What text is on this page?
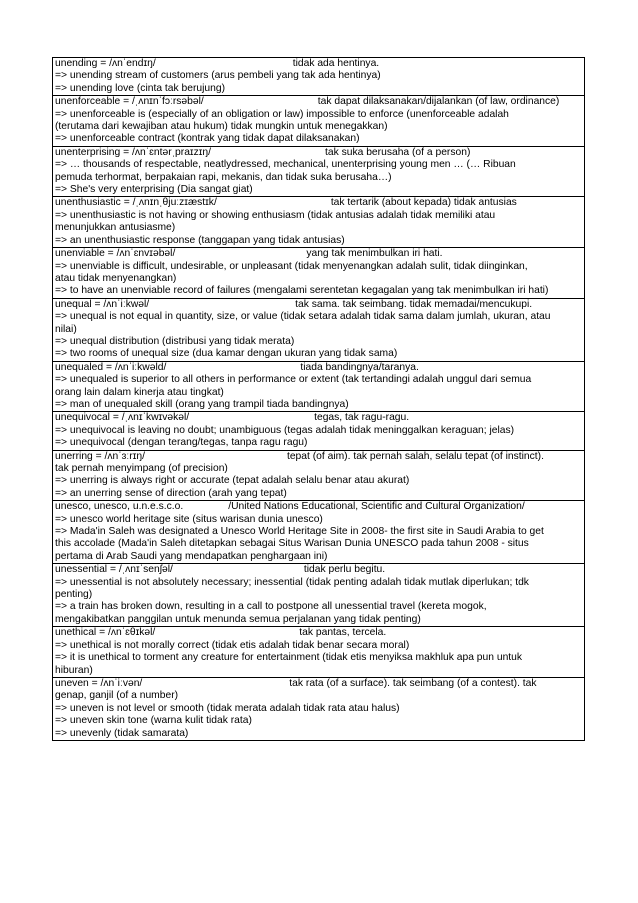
unending = /ʌnˈendɪŋ/	tidak ada hentinya.
=> unending stream of customers (arus pembeli yang tak ada hentinya)
=> unending love (cinta tak berujung)
unenforceable = /ˌʌnɪnˈfɔːrsəbəl/	tak dapat dilaksanakan/dijalankan (of law, ordinance)
=> unenforceable is (especially of an obligation or law) impossible to enforce (unenforceable adalah
(terutama dari kewajiban atau hukum) tidak mungkin untuk menegakkan)
=> unenforceable contract (kontrak yang tidak dapat dilaksanakan)
unenterprising = /ʌnˈɛntərˌpraɪzɪŋ/	tak suka berusaha (of a person)
=> … thousands of respectable, neatlydressed, mechanical, unenterprising young men … (… Ribuan
pemuda terhormat, berpakaian rapi, mekanis, dan tidak suka berusaha…)
=> She's very enterprising (Dia sangat giat)
unenthusiastic = /ˌʌnɪnˌθjuːzɪæstɪk/	tak tertarik (about kepada) tidak antusias
=> unenthusiastic is not having or showing enthusiasm (tidak antusias adalah tidak memiliki atau
menunjukkan antusiasme)
=> an unenthusiastic response (tanggapan yang tidak antusias)
unenviable = /ʌnˈɛnvɪəbəl/	yang tak menimbulkan iri hati.
=> unenviable is difficult, undesirable, or unpleasant (tidak menyenangkan adalah sulit, tidak diinginkan,
atau tidak menyenangkan)
=> to have an unenviable record of failures (mengalami serentetan kegagalan yang tak menimbulkan iri hati)
unequal = /ʌnˈiːkwəl/	tak sama. tak seimbang. tidak memadai/mencukupi.
=> unequal is not equal in quantity, size, or value (tidak setara adalah tidak sama dalam jumlah, ukuran, atau
nilai)
=> unequal distribution (distribusi yang tidak merata)
=> two rooms of unequal size (dua kamar dengan ukuran yang tidak sama)
unequaled = /ʌnˈiːkwəld/	tiada bandingnya/taranya.
=> unequaled is superior to all others in performance or extent (tak tertandingi adalah unggul dari semua
orang lain dalam kinerja atau tingkat)
=> man of unequaled skill (orang yang trampil tiada bandingnya)
unequivocal = /ˌʌnɪˈkwɪvəkəl/	tegas, tak ragu-ragu.
=> unequivocal is leaving no doubt; unambiguous (tegas adalah tidak meninggalkan keraguan; jelas)
=> unequivocal (dengan terang/tegas, tanpa ragu ragu)
unerring = /ʌnˈɜːrɪŋ/	tepat (of aim). tak pernah salah, selalu tepat (of instinct).
tak pernah menyimpang (of precision)
=> unerring is always right or accurate (tepat adalah selalu benar atau akurat)
=> an unerring sense of direction (arah yang tepat)
unesco, unesco, u.n.e.s.c.o.	/United Nations Educational, Scientific and Cultural Organization/
=> unesco world heritage site (situs warisan dunia unesco)
=> Mada'in Saleh was designated a Unesco World Heritage Site in 2008- the first site in Saudi Arabia to get
this accolade (Mada'in Saleh ditetapkan sebagai Situs Warisan Dunia UNESCO pada tahun 2008 - situs
pertama di Arab Saudi yang mendapatkan penghargaan ini)
unessential = /ˌʌnɪˈsenʃəl/	tidak perlu begitu.
=> unessential is not absolutely necessary; inessential (tidak penting adalah tidak mutlak diperlukan; tdk
penting)
=> a train has broken down, resulting in a call to postpone all unessential travel (kereta mogok,
mengakibatkan panggilan untuk menunda semua perjalanan yang tidak penting)
unethical = /ʌnˈɛθɪkəl/	tak pantas, tercela.
=> unethical is not morally correct (tidak etis adalah tidak benar secara moral)
=> it is unethical to torment any creature for entertainment (tidak etis menyiksa makhluk apa pun untuk
hiburan)
uneven = /ʌnˈiːvən/	tak rata (of a surface). tak seimbang (of a contest). tak
genap, ganjil (of a number)
=> uneven is not level or smooth (tidak merata adalah tidak rata atau halus)
=> uneven skin tone (warna kulit tidak rata)
=> unevenly (tidak samarata)
